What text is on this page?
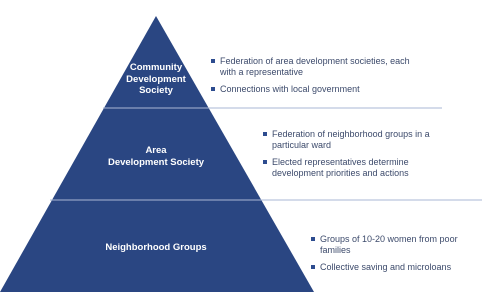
Community
Development
Society
Area
Development Society
Neighborhood Groups
Federation of area development societies, each
with a representative
Connections with local government
Federation of neighborhood groups in a
particular ward
Elected representatives determine
development priorities and actions
Groups of 10-20 women from poor families
Collective saving and microloans
